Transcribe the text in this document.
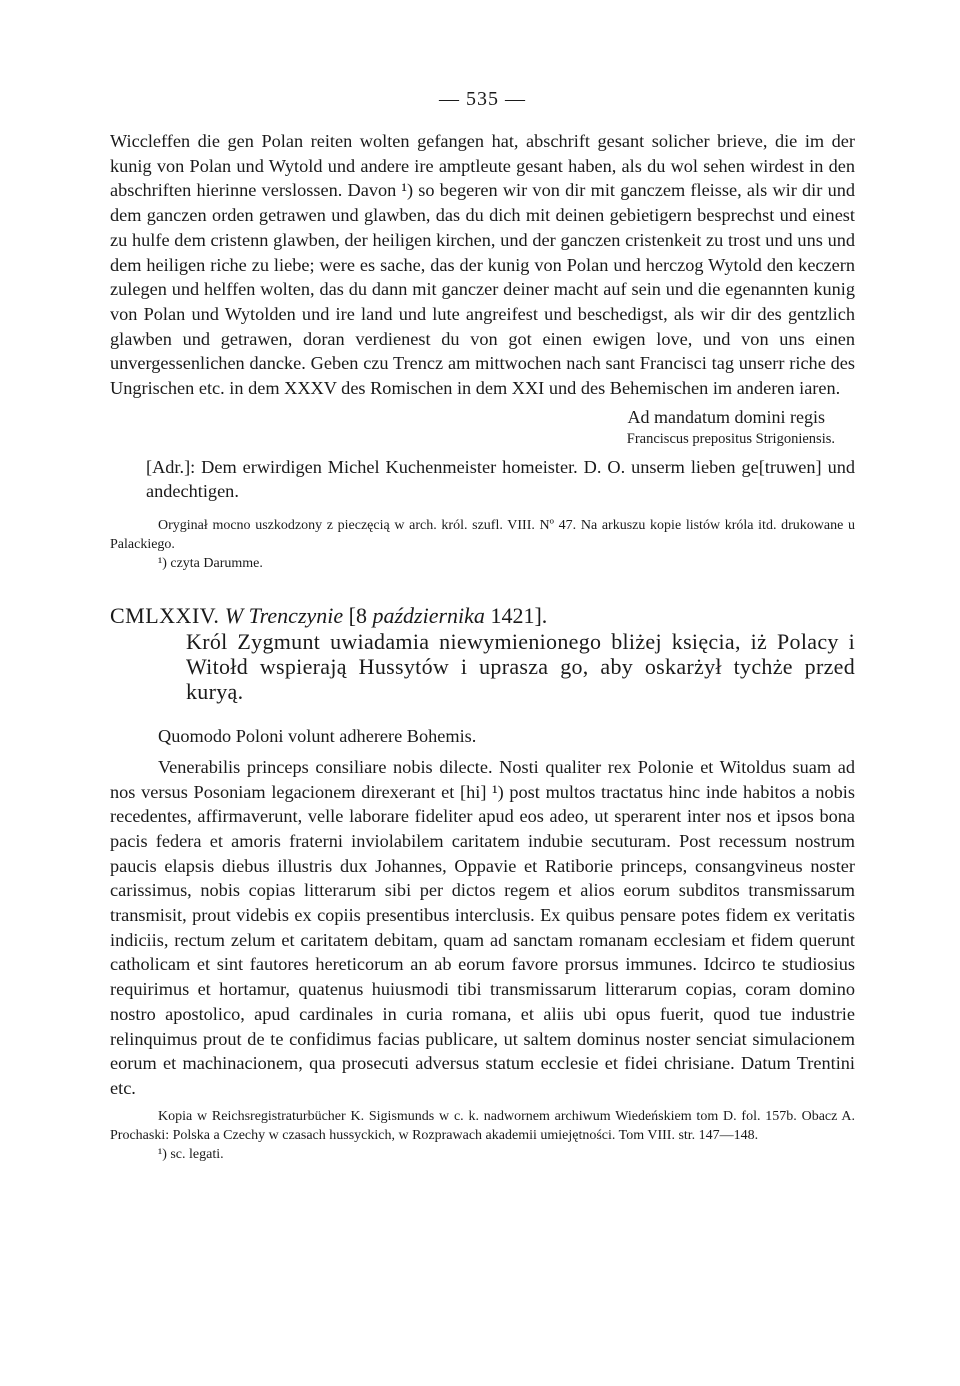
— 535 —

Wiccleffen die gen Polan reiten wolten gefangen hat, abschrift gesant solicher brieve, die im der kunig von Polan und Wytold und andere ire amptleute gesant haben, als du wol sehen wirdest in den abschriften hierinne verslossen. Davon ¹) so begeren wir von dir mit ganczem fleisse, als wir dir und dem ganczen orden getrawen und glawben, das du dich mit deinen gebietigern besprechst und einest zu hulfe dem cristenn glawben, der heiligen kirchen, und der ganczen cristenkeit zu trost und uns und dem heiligen riche zu liebe; were es sache, das der kunig von Polan und herczog Wytold den keczern zulegen und helffen wolten, das du dann mit ganczer deiner macht auf sein und die egenannten kunig von Polan und Wytolden und ire land und lute angreifest und beschedigst, als wir dir des gentzlich glawben und getrawen, doran verdienest du von got einen ewigen love, und von uns einen unvergessenlichen dancke. Geben czu Trencz am mittwochen nach sant Francisci tag unserr riche des Ungrischen etc. in dem XXXV des Romischen in dem XXI und des Behemischen im anderen iaren.

Ad mandatum domini regis
Franciscus prepositus Strigoniensis.

[Adr.]: Dem erwirdigen Michel Kuchenmeister homeister. D. O. unserm lieben ge[truwen] und andechtigen.

Oryginał mocno uszkodzony z pieczęcią w arch. król. szufl. VIII. Nº 47. Na arkuszu kopie listów króla itd. drukowane u Palackiego.

¹) czyta Darumme.

CMLXXIV. W Trenczynie [8 października 1421].

Król Zygmunt uwiadamia niewymienionego bliżej księcia, iż Polacy i Witołd wspierają Hussytów i uprasza go, aby oskarżył tychże przed kuryą.

Quomodo Poloni volunt adherere Bohemis.

Venerabilis princeps consiliare nobis dilecte. Nosti qualiter rex Polonie et Witoldus suam ad nos versus Posoniam legacionem direxerant et [hi] ¹) post multos tractatus hinc inde habitos a nobis recedentes, affirmaverunt, velle laborare fideliter apud eos adeo, ut sperarent inter nos et ipsos bona pacis federa et amoris fraterni inviolabilem caritatem indubie secuturam. Post recessum nostrum paucis elapsis diebus illustris dux Johannes, Oppavie et Ratiborie princeps, consangvineus noster carissimus, nobis copias litterarum sibi per dictos regem et alios eorum subditos transmissarum transmisit, prout videbis ex copiis presentibus interclusis. Ex quibus pensare potes fidem ex veritatis indiciis, rectum zelum et caritatem debitam, quam ad sanctam romanam ecclesiam et fidem querunt catholicam et sint fautores hereticorum an ab eorum favore prorsus immunes. Idcirco te studiosius requirimus et hortamur, quatenus huiusmodi tibi transmissarum litterarum copias, coram domino nostro apostolico, apud cardinales in curia romana, et aliis ubi opus fuerit, quod tue industrie relinquimus prout de te confidimus facias publicare, ut saltem dominus noster senciat simulacionem eorum et machinacionem, qua prosecuti adversus statum ecclesie et fidei chrisiane. Datum Trentini etc.

Kopia w Reichsregistraturbücher K. Sigismunds w c. k. nadwornem archiwum Wiedeńskiem tom D. fol. 157b. Obacz A. Prochaski: Polska a Czechy w czasach hussyckich, w Rozprawach akademii umiejętności. Tom VIII. str. 147—148.

¹) sc. legati.
